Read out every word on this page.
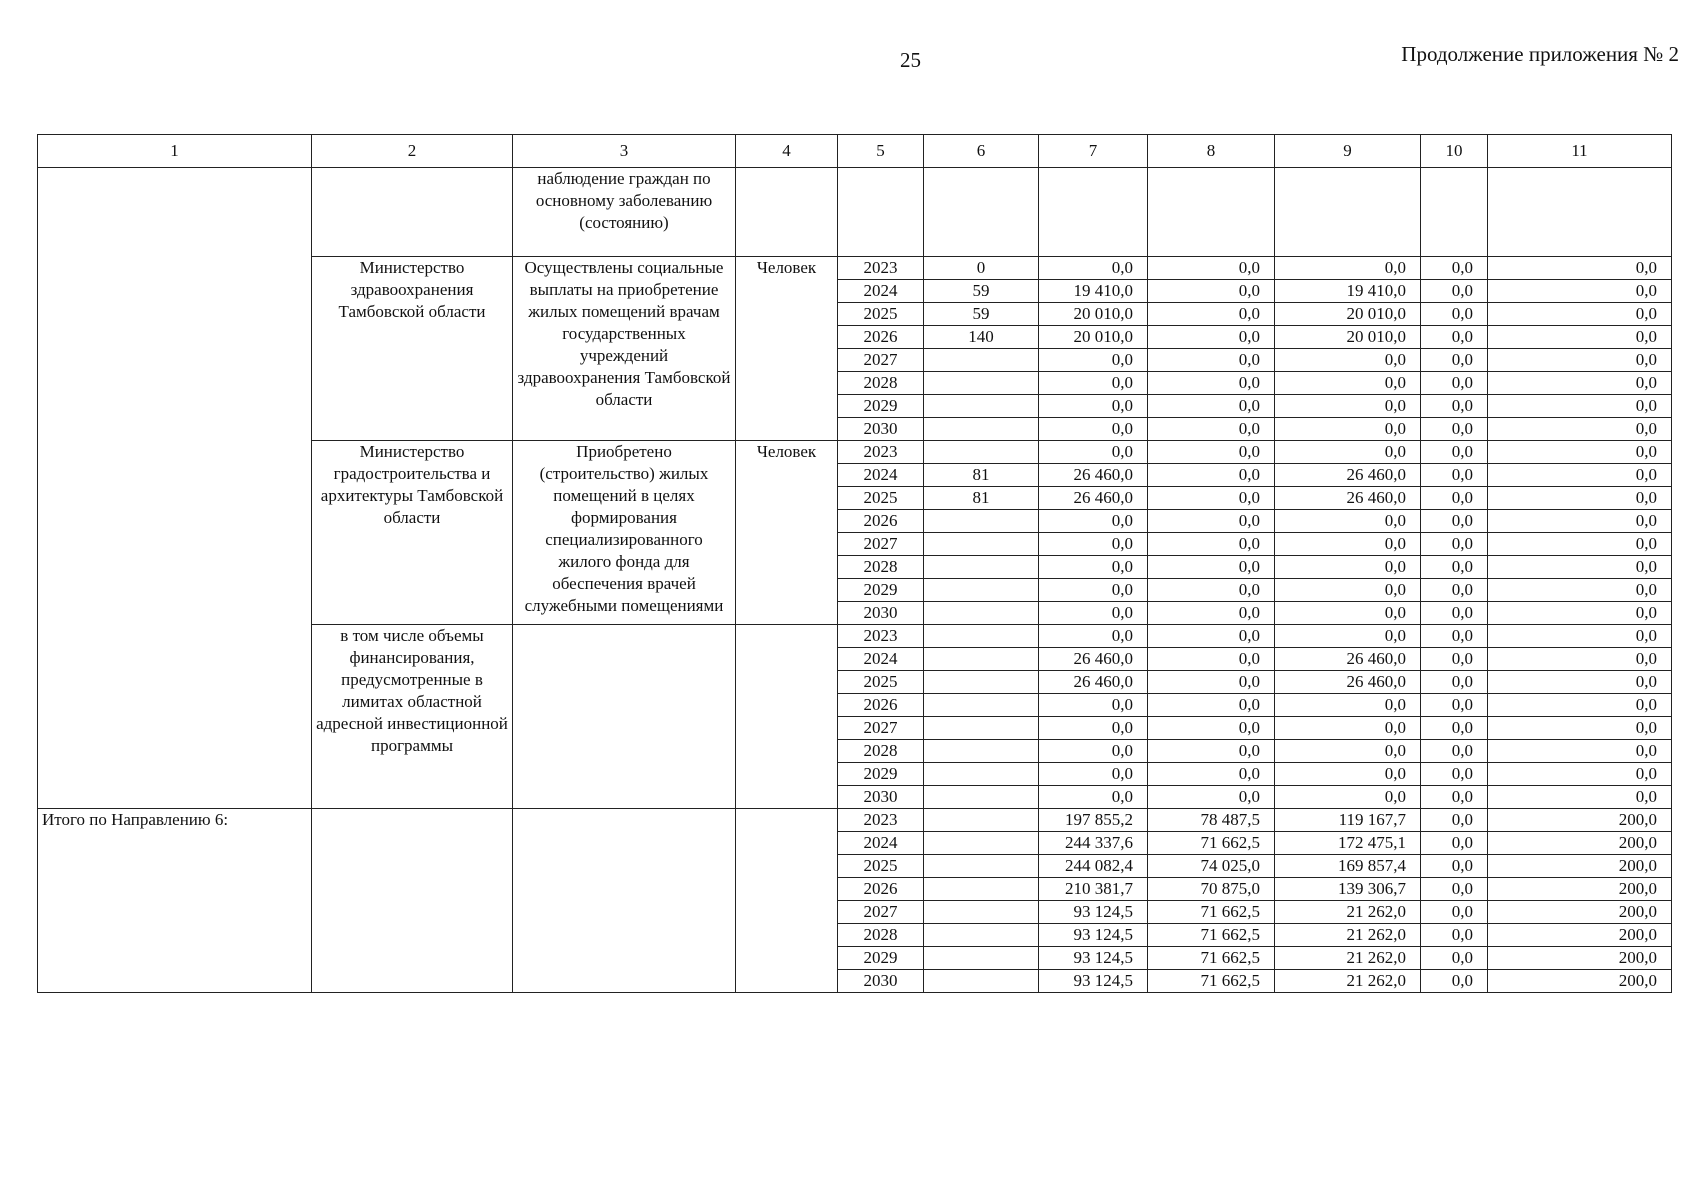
25	Продолжение приложения № 2
1	2	3	4	5	6	7	8	9	10	11
		наблюдение граждан по основному заболеванию (состоянию)								
	Министерство здравоохранения Тамбовской области	Осуществлены социальные выплаты на приобретение жилых помещений врачам государственных учреждений здравоохранения Тамбовской области	Человек	2023	0	0,0	0,0	0,0	0,0	0,0
				2024	59	19 410,0	0,0	19 410,0	0,0	0,0
				2025	59	20 010,0	0,0	20 010,0	0,0	0,0
				2026	140	20 010,0	0,0	20 010,0	0,0	0,0
				2027		0,0	0,0	0,0	0,0	0,0
				2028		0,0	0,0	0,0	0,0	0,0
				2029		0,0	0,0	0,0	0,0	0,0
				2030		0,0	0,0	0,0	0,0	0,0
	Министерство градостроительства и архитектуры Тамбовской области	Приобретено (строительство) жилых помещений в целях формирования специализированного жилого фонда для обеспечения врачей служебными помещениями	Человек	2023		0,0	0,0	0,0	0,0	0,0
				2024	81	26 460,0	0,0	26 460,0	0,0	0,0
				2025	81	26 460,0	0,0	26 460,0	0,0	0,0
				2026		0,0	0,0	0,0	0,0	0,0
				2027		0,0	0,0	0,0	0,0	0,0
				2028		0,0	0,0	0,0	0,0	0,0
				2029		0,0	0,0	0,0	0,0	0,0
				2030		0,0	0,0	0,0	0,0	0,0
	в том числе объемы финансирования, предусмотренные в лимитах областной адресной инвестиционной программы			2023		0,0	0,0	0,0	0,0	0,0
				2024		26 460,0	0,0	26 460,0	0,0	0,0
				2025		26 460,0	0,0	26 460,0	0,0	0,0
				2026		0,0	0,0	0,0	0,0	0,0
				2027		0,0	0,0	0,0	0,0	0,0
				2028		0,0	0,0	0,0	0,0	0,0
				2029		0,0	0,0	0,0	0,0	0,0
				2030		0,0	0,0	0,0	0,0	0,0
Итого по Направлению 6:				2023		197 855,2	78 487,5	119 167,7	0,0	200,0
				2024		244 337,6	71 662,5	172 475,1	0,0	200,0
				2025		244 082,4	74 025,0	169 857,4	0,0	200,0
				2026		210 381,7	70 875,0	139 306,7	0,0	200,0
				2027		93 124,5	71 662,5	21 262,0	0,0	200,0
				2028		93 124,5	71 662,5	21 262,0	0,0	200,0
				2029		93 124,5	71 662,5	21 262,0	0,0	200,0
				2030		93 124,5	71 662,5	21 262,0	0,0	200,0
